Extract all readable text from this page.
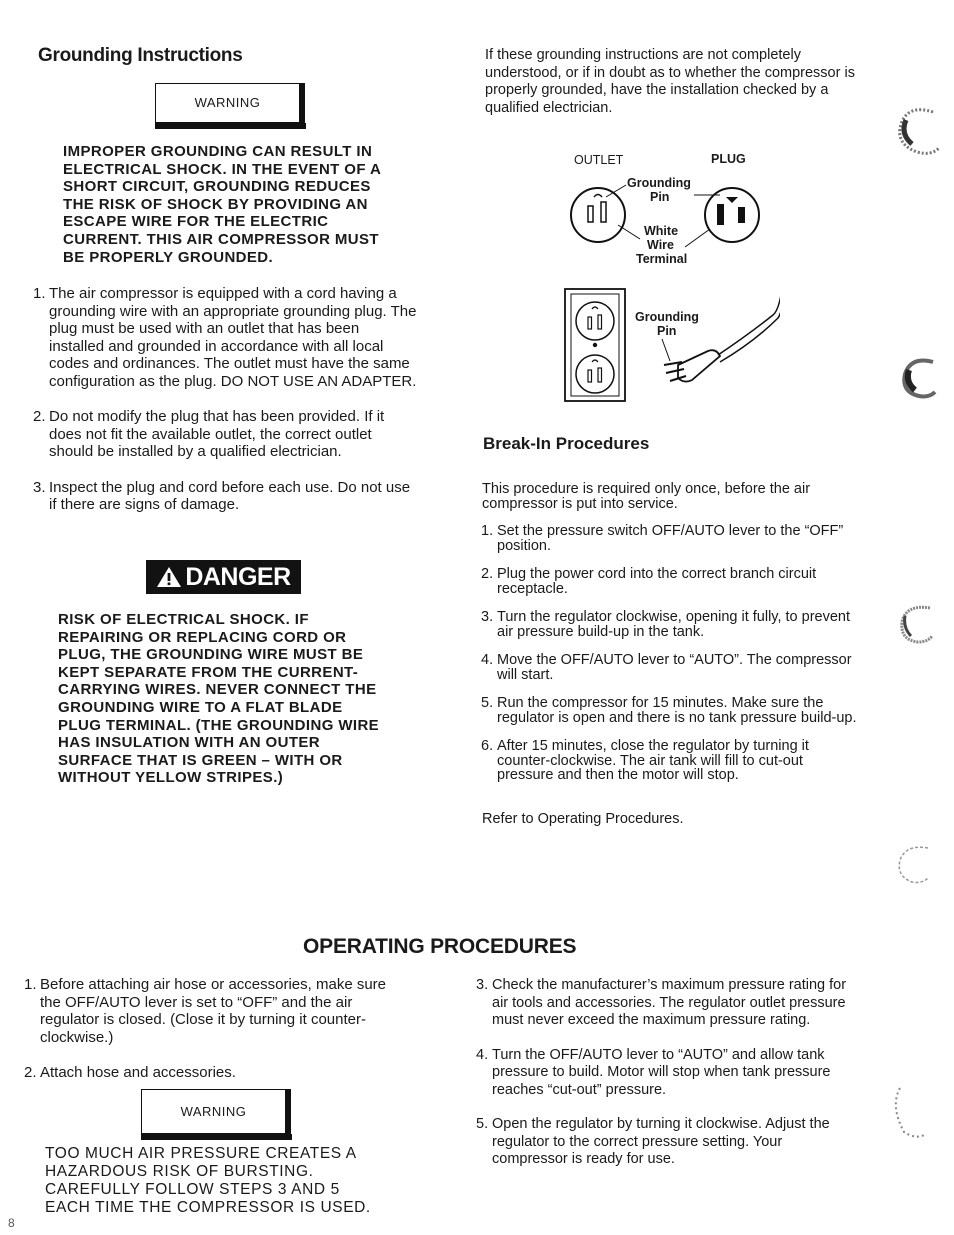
Grounding Instructions
WARNING
IMPROPER GROUNDING CAN RESULT IN ELECTRICAL SHOCK. IN THE EVENT OF A SHORT CIRCUIT, GROUNDING REDUCES THE RISK OF SHOCK BY PROVIDING AN ESCAPE WIRE FOR THE ELECTRIC CURRENT. THIS AIR COMPRESSOR MUST BE PROPERLY GROUNDED.
1. The air compressor is equipped with a cord having a grounding wire with an appropriate grounding plug. The plug must be used with an outlet that has been installed and grounded in accordance with all local codes and ordinances. The outlet must have the same configuration as the plug. DO NOT USE AN ADAPTER.
2. Do not modify the plug that has been provided. If it does not fit the available outlet, the correct outlet should be installed by a qualified electrician.
3. Inspect the plug and cord before each use. Do not use if there are signs of damage.
DANGER
RISK OF ELECTRICAL SHOCK. IF REPAIRING OR REPLACING CORD OR PLUG, THE GROUNDING WIRE MUST BE KEPT SEPARATE FROM THE CURRENT-CARRYING WIRES. NEVER CONNECT THE GROUNDING WIRE TO A FLAT BLADE PLUG TERMINAL. (THE GROUNDING WIRE HAS INSULATION WITH AN OUTER SURFACE THAT IS GREEN – WITH OR WITHOUT YELLOW STRIPES.)
If these grounding instructions are not completely understood, or if in doubt as to whether the compressor is properly grounded, have the installation checked by a qualified electrician.
OUTLET	PLUG
Grounding
Pin
White
Wire
Terminal
Grounding
Pin
Break-In Procedures
This procedure is required only once, before the air compressor is put into service.
1. Set the pressure switch OFF/AUTO lever to the “OFF” position.
2. Plug the power cord into the correct branch circuit receptacle.
3. Turn the regulator clockwise, opening it fully, to prevent air pressure build-up in the tank.
4. Move the OFF/AUTO lever to “AUTO”. The compressor will start.
5. Run the compressor for 15 minutes. Make sure the regulator is open and there is no tank pressure build-up.
6. After 15 minutes, close the regulator by turning it counter-clockwise. The air tank will fill to cut-out pressure and then the motor will stop.
Refer to Operating Procedures.
OPERATING PROCEDURES
1. Before attaching air hose or accessories, make sure the OFF/AUTO lever is set to “OFF” and the air regulator is closed. (Close it by turning it counter-clockwise.)
2. Attach hose and accessories.
WARNING
TOO MUCH AIR PRESSURE CREATES A HAZARDOUS RISK OF BURSTING. CAREFULLY FOLLOW STEPS 3 AND 5 EACH TIME THE COMPRESSOR IS USED.
3. Check the manufacturer’s maximum pressure rating for air tools and accessories. The regulator outlet pressure must never exceed the maximum pressure rating.
4. Turn the OFF/AUTO lever to “AUTO” and allow tank pressure to build. Motor will stop when tank pressure reaches “cut-out” pressure.
5. Open the regulator by turning it clockwise. Adjust the regulator to the correct pressure setting. Your compressor is ready for use.
8
